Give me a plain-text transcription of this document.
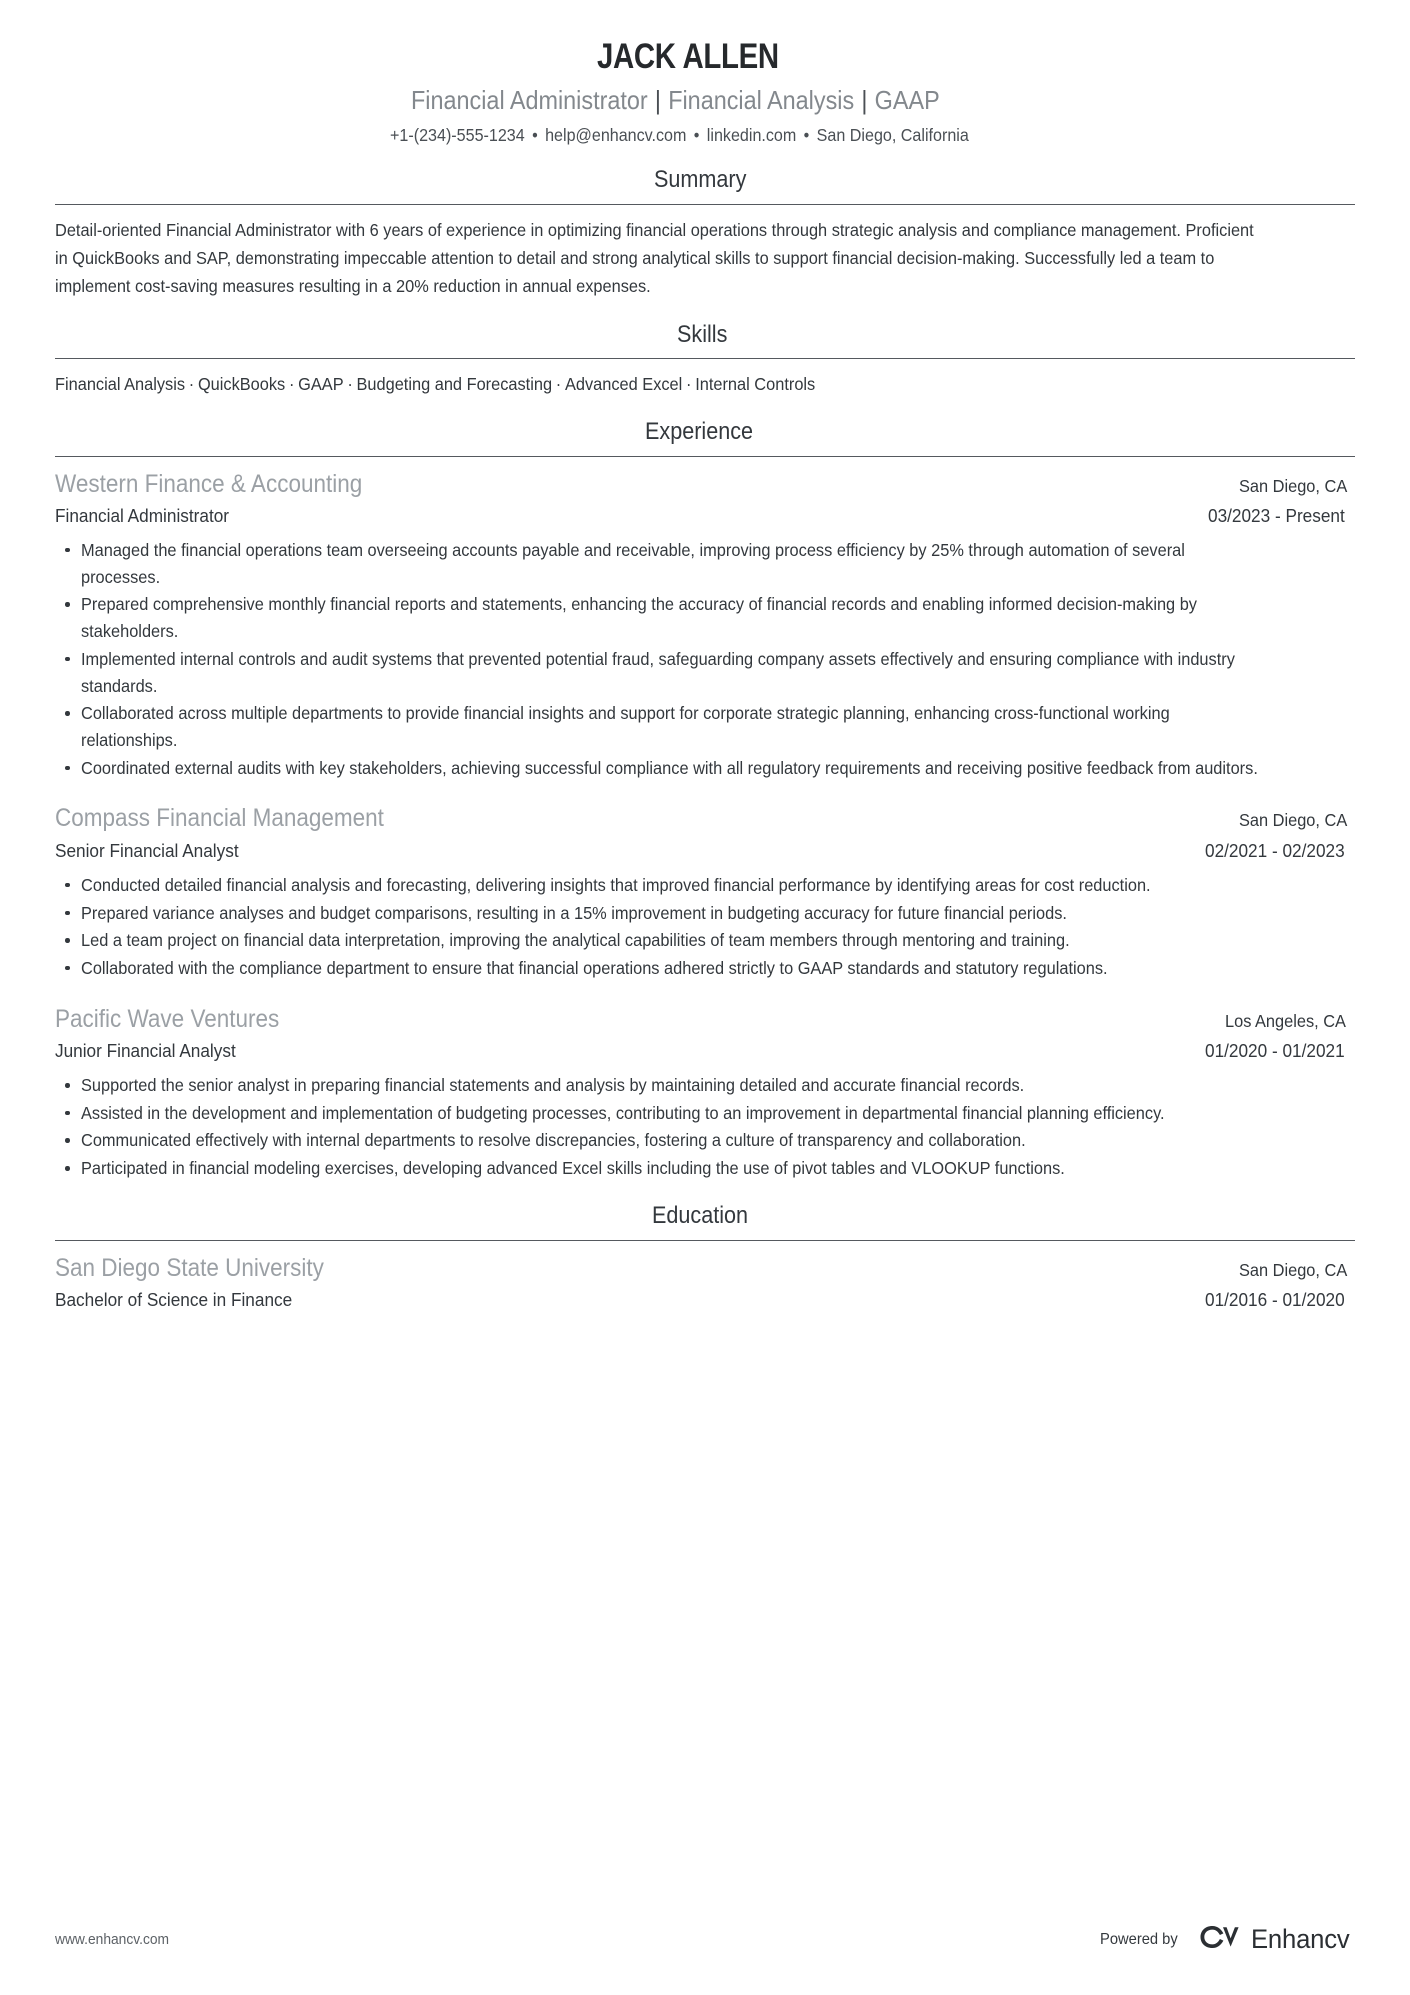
JACK ALLEN
Financial Administrator | Financial Analysis | GAAP
+1-(234)-555-1234 • help@enhancv.com • linkedin.com • San Diego, California
Summary
Detail-oriented Financial Administrator with 6 years of experience in optimizing financial operations through strategic analysis and compliance management. Proficient in QuickBooks and SAP, demonstrating impeccable attention to detail and strong analytical skills to support financial decision-making. Successfully led a team to implement cost-saving measures resulting in a 20% reduction in annual expenses.
Skills
Financial Analysis · QuickBooks · GAAP · Budgeting and Forecasting · Advanced Excel · Internal Controls
Experience
Western Finance & Accounting	San Diego, CA
Financial Administrator	03/2023 - Present
Managed the financial operations team overseeing accounts payable and receivable, improving process efficiency by 25% through automation of several processes.
Prepared comprehensive monthly financial reports and statements, enhancing the accuracy of financial records and enabling informed decision-making by stakeholders.
Implemented internal controls and audit systems that prevented potential fraud, safeguarding company assets effectively and ensuring compliance with industry standards.
Collaborated across multiple departments to provide financial insights and support for corporate strategic planning, enhancing cross-functional working relationships.
Coordinated external audits with key stakeholders, achieving successful compliance with all regulatory requirements and receiving positive feedback from auditors.
Compass Financial Management	San Diego, CA
Senior Financial Analyst	02/2021 - 02/2023
Conducted detailed financial analysis and forecasting, delivering insights that improved financial performance by identifying areas for cost reduction.
Prepared variance analyses and budget comparisons, resulting in a 15% improvement in budgeting accuracy for future financial periods.
Led a team project on financial data interpretation, improving the analytical capabilities of team members through mentoring and training.
Collaborated with the compliance department to ensure that financial operations adhered strictly to GAAP standards and statutory regulations.
Pacific Wave Ventures	Los Angeles, CA
Junior Financial Analyst	01/2020 - 01/2021
Supported the senior analyst in preparing financial statements and analysis by maintaining detailed and accurate financial records.
Assisted in the development and implementation of budgeting processes, contributing to an improvement in departmental financial planning efficiency.
Communicated effectively with internal departments to resolve discrepancies, fostering a culture of transparency and collaboration.
Participated in financial modeling exercises, developing advanced Excel skills including the use of pivot tables and VLOOKUP functions.
Education
San Diego State University	San Diego, CA
Bachelor of Science in Finance	01/2016 - 01/2020
www.enhancv.com	Powered by	Enhancv
